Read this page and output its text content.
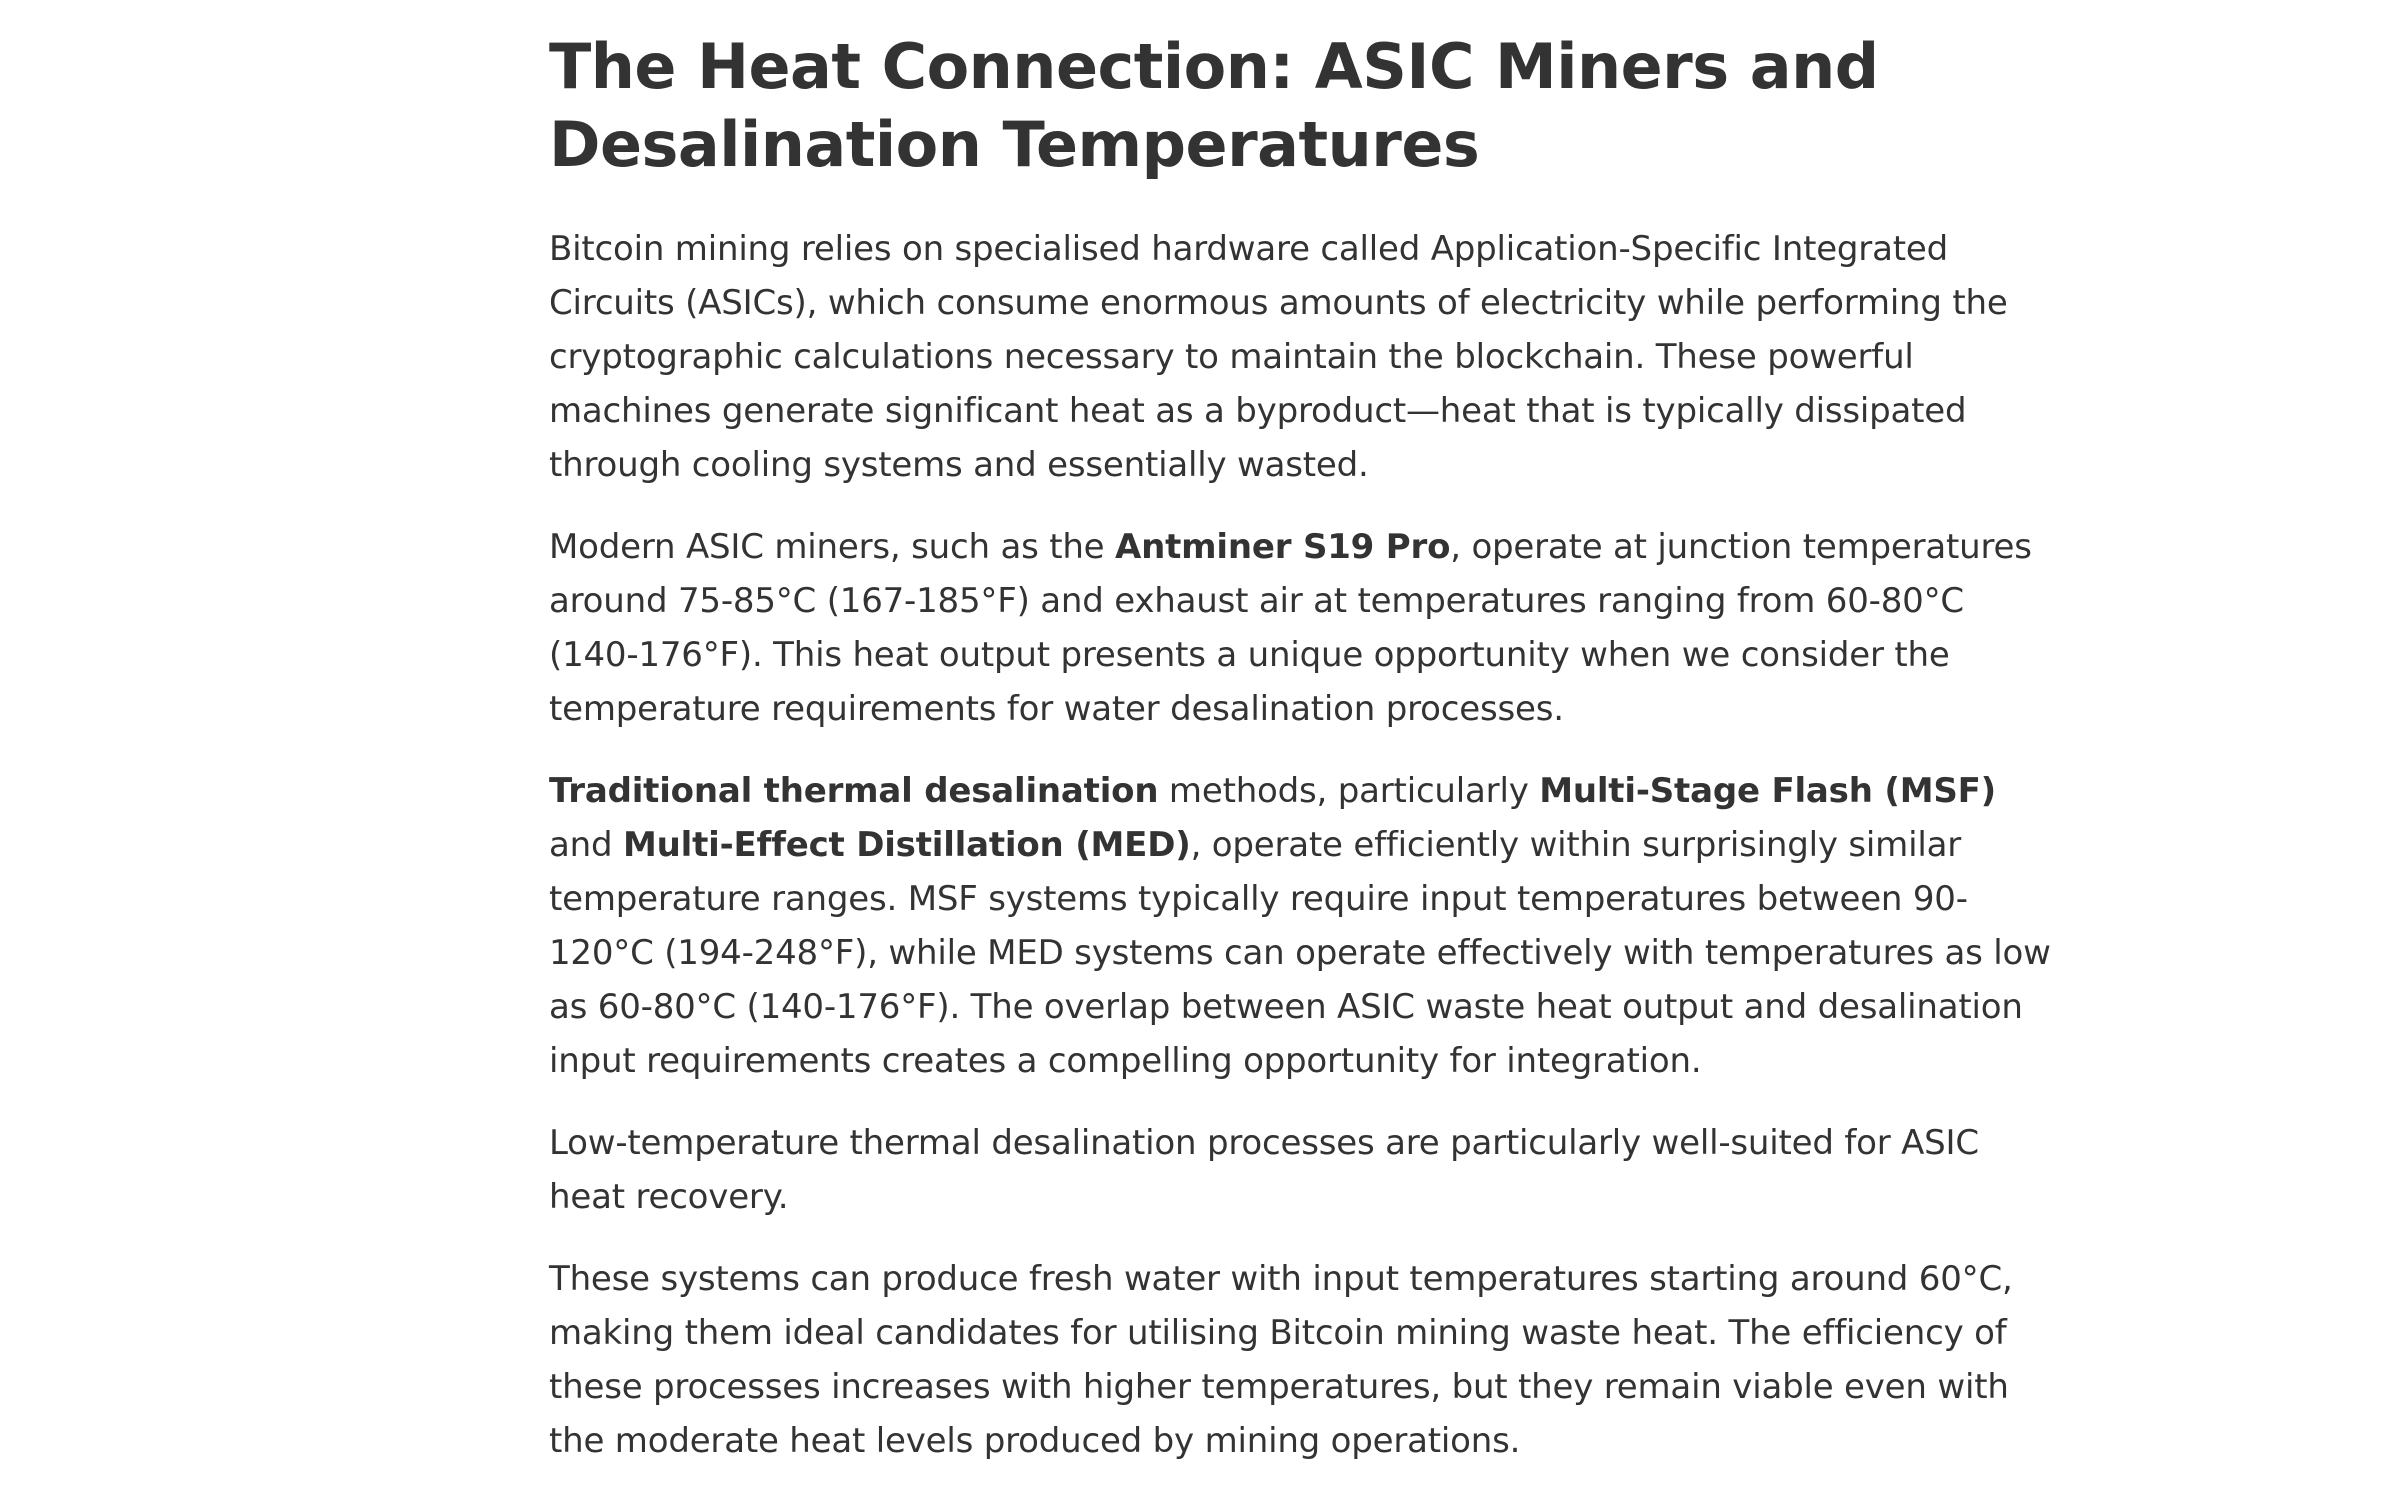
The Heat Connection: ASIC Miners and Desalination Temperatures

Bitcoin mining relies on specialised hardware called Application-Specific Integrated Circuits (ASICs), which consume enormous amounts of electricity while performing the cryptographic calculations necessary to maintain the blockchain. These powerful machines generate significant heat as a byproduct—heat that is typically dissipated through cooling systems and essentially wasted.

Modern ASIC miners, such as the Antminer S19 Pro, operate at junction temperatures around 75-85°C (167-185°F) and exhaust air at temperatures ranging from 60-80°C (140-176°F). This heat output presents a unique opportunity when we consider the temperature requirements for water desalination processes.

Traditional thermal desalination methods, particularly Multi-Stage Flash (MSF) and Multi-Effect Distillation (MED), operate efficiently within surprisingly similar temperature ranges. MSF systems typically require input temperatures between 90-120°C (194-248°F), while MED systems can operate effectively with temperatures as low as 60-80°C (140-176°F). The overlap between ASIC waste heat output and desalination input requirements creates a compelling opportunity for integration.

Low-temperature thermal desalination processes are particularly well-suited for ASIC heat recovery.

These systems can produce fresh water with input temperatures starting around 60°C, making them ideal candidates for utilising Bitcoin mining waste heat. The efficiency of these processes increases with higher temperatures, but they remain viable even with the moderate heat levels produced by mining operations.
